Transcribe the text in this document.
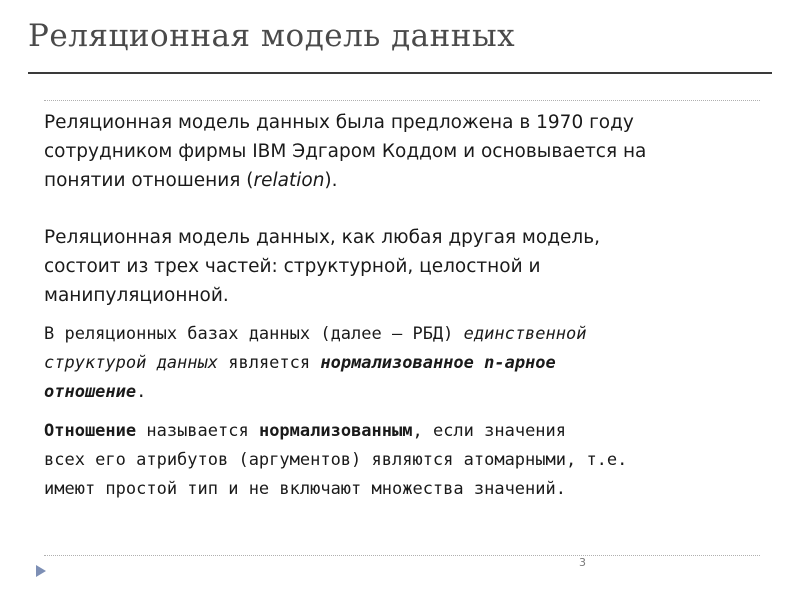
Реляционная модель данных
Реляционная модель данных была предложена в 1970 году
сотрудником фирмы IBM Эдгаром Коддом и основывается на
понятии отношения (relation).
Реляционная модель данных, как любая другая модель,
состоит из трех частей: структурной, целостной и
манипуляционной.
В реляционных базах данных (далее – РБД) единственной
структурой данных является нормализованное n-арное
отношение.
Отношение называется нормализованным, если значения
всех его атрибутов (аргументов) являются атомарными, т.е.
имеют простой тип и не включают множества значений.
3
